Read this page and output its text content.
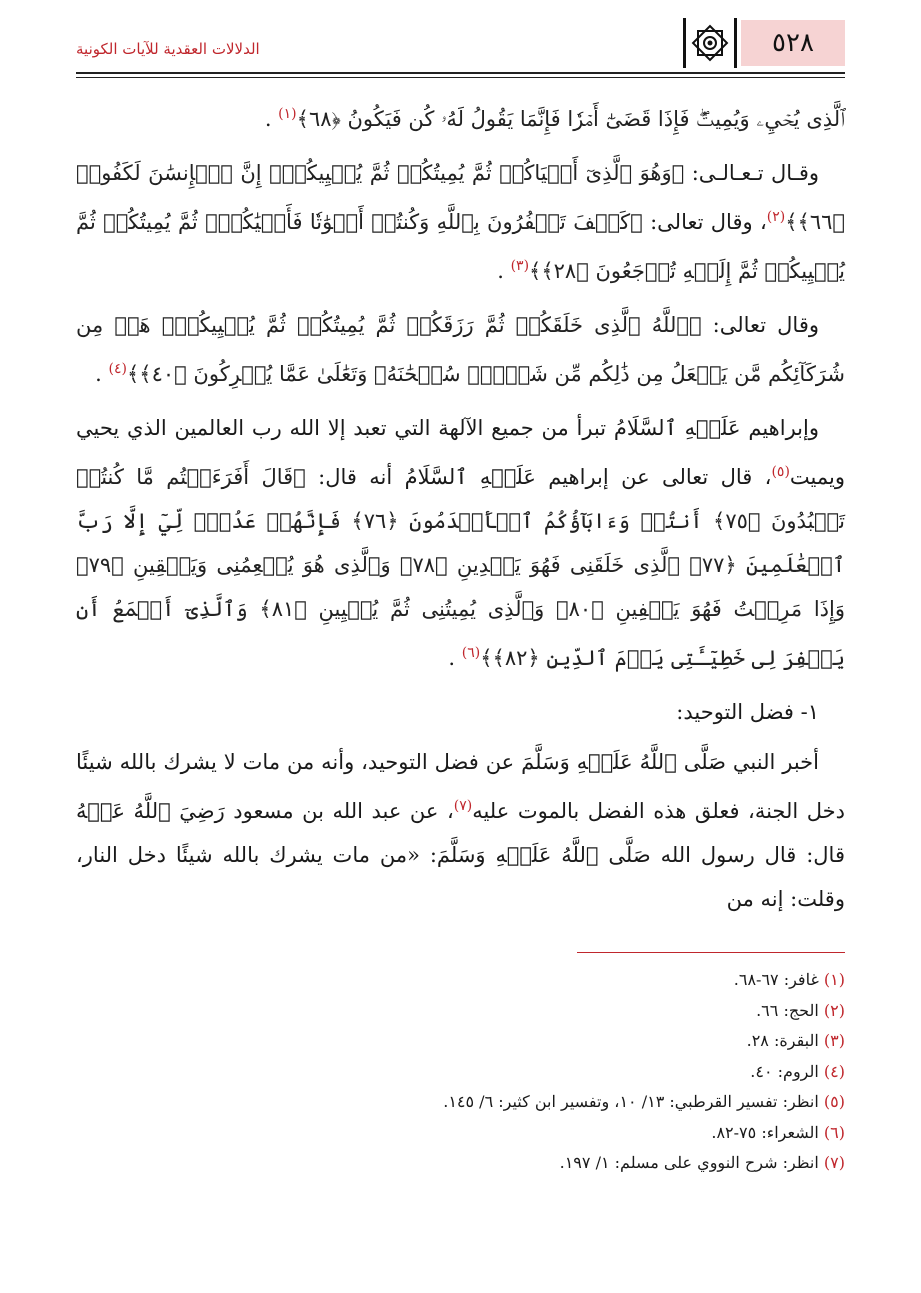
٥٢٨
الدلالات العقدية للآيات الكونية
ٱلَّذِى يُحۡيِۦ وَيُمِيتُۖ فَإِذَا قَضَىٰٓ أَمۡرٗا فَإِنَّمَا يَقُولُ لَهُۥ كُن فَيَكُونُ ﴿٦٨﴾$^{(١)}$ .
وقـال تـعـالـى: ﴿وَهُوَ ٱلَّذِىٓ أَحۡيَاكُمۡ ثُمَّ يُمِيتُكُمۡ ثُمَّ يُحۡيِيكُمۡۗ إِنَّ ٱلۡإِنسَٰنَ لَكَفُورٞ ﴿٦٦﴾﴾$^{(٢)}$، وقال تعالى: ﴿كَيۡفَ تَكۡفُرُونَ بِٱللَّهِ وَكُنتُمۡ أَمۡوَٰتٗا فَأَحۡيَٰكُمۡۖ ثُمَّ يُمِيتُكُمۡ ثُمَّ يُحۡيِيكُمۡ ثُمَّ إِلَيۡهِ تُرۡجَعُونَ ﴿٢٨﴾﴾$^{(٣)}$ .
وقال تعالى: ﴿ٱللَّهُ ٱلَّذِى خَلَقَكُمۡ ثُمَّ رَزَقَكُمۡ ثُمَّ يُمِيتُكُمۡ ثُمَّ يُحۡيِيكُمۡۖ هَلۡ مِن شُرَكَآئِكُم مَّن يَفۡعَلُ مِن ذَٰلِكُم مِّن شَيۡءٖۚ سُبۡحَٰنَهُۥ وَتَعَٰلَىٰ عَمَّا يُشۡرِكُونَ ﴿٤٠﴾﴾$^{(٤)}$ .
وإبراهيم عَلَيۡهِ ٱلسَّلَامُ تبرأ من جميع الآلهة التي تعبد إلا الله رب العالمين الذي يحيي ويميت$^{(٥)}$، قال تعالى عن إبراهيم عَلَيۡهِ ٱلسَّلَامُ أنه قال: ﴿قَالَ أَفَرَءَيۡتُم مَّا كُنتُمۡ تَعۡبُدُونَ ﴿٧٥﴾ أَنتُمۡ وَءَابَآؤُكُمُ ٱلۡأَقۡدَمُونَ ﴿٧٦﴾ فَإِنَّهُمۡ عَدُوّٞ لِّيٓ إِلَّا رَبَّ ٱلۡعَٰلَمِينَ ﴿٧٧﴾ ٱلَّذِى خَلَقَنِى فَهُوَ يَهۡدِينِ ﴿٧٨﴾ وَٱلَّذِى هُوَ يُطۡعِمُنِى وَيَسۡقِينِ ﴿٧٩﴾ وَإِذَا مَرِضۡتُ فَهُوَ يَشۡفِينِ ﴿٨٠﴾ وَٱلَّذِى يُمِيتُنِى ثُمَّ يُحۡيِينِ ﴿٨١﴾ وَٱلَّذِىٓ أَطۡمَعُ أَن يَغۡفِرَ لِى خَطِيٓـَٔتِى يَوۡمَ ٱلدِّينِ ﴿٨٢﴾﴾$^{(٦)}$ .
١- فضل التوحيد:
أخبر النبي صَلَّى ٱللَّهُ عَلَيۡهِ وَسَلَّمَ عن فضل التوحيد، وأنه من مات لا يشرك بالله شيئًا دخل الجنة، فعلق هذه الفضل بالموت عليه$^{(٧)}$، عن عبد الله بن مسعود رَضِيَ ٱللَّهُ عَنۡهُ قال: قال رسول الله صَلَّى ٱللَّهُ عَلَيۡهِ وَسَلَّمَ: «من مات يشرك بالله شيئًا دخل النار، وقلت: إنه من
(١) غافر: ٦٧-٦٨.
(٢) الحج: ٦٦.
(٣) البقرة: ٢٨.
(٤) الروم: ٤٠.
(٥) انظر: تفسير القرطبي: ١٣/ ١٠، وتفسير ابن كثير: ٦/ ١٤٥.
(٦) الشعراء: ٧٥-٨٢.
(٧) انظر: شرح النووي على مسلم: ١/ ١٩٧.
